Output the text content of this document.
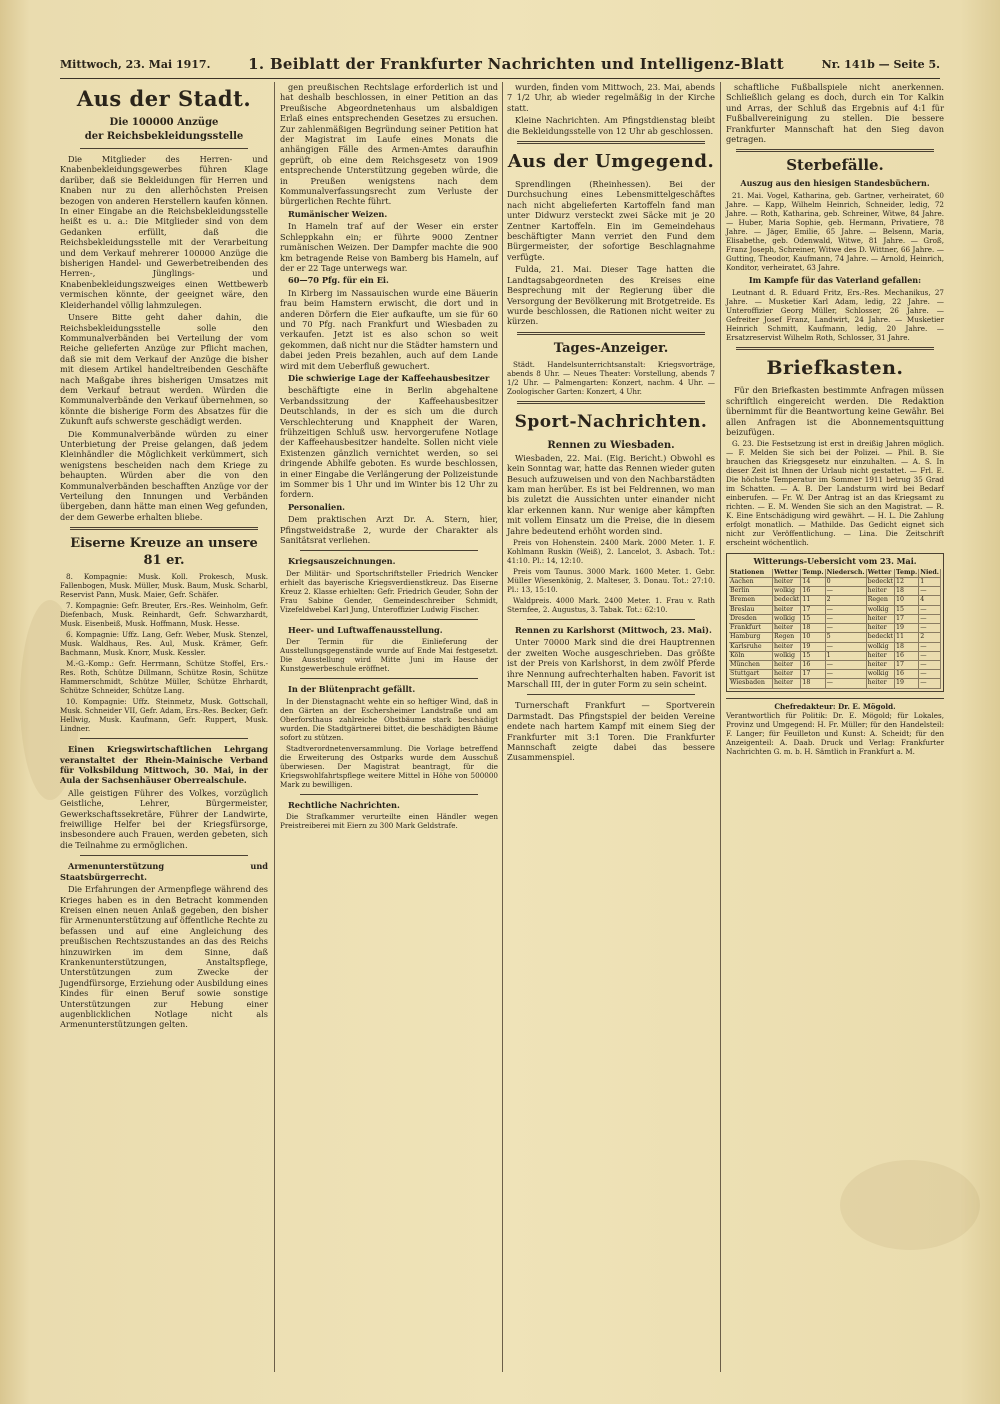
Mittwoch, 23. Mai 1917.	1. Beiblatt der Frankfurter Nachrichten und Intelligenz-Blatt	Nr. 141b — Seite 5.
Aus der Stadt.
Die 100000 Anzüge
der Reichsbekleidungsstelle

Die Mitglieder des Herren- und Knabenbekleidungsgewerbes führen Klage darüber, daß sie Bekleidungen für Herren und Knaben nur zu den allerhöchsten Preisen bezogen von anderen Herstellern kaufen können. In einer Eingabe an die Reichsbekleidungsstelle heißt es u. a.: Die Mitglieder sind von dem Gedanken erfüllt, daß die Reichsbekleidungsstelle mit der Verarbeitung und dem Verkauf mehrerer 100000 Anzüge die bisherigen Handel- und Gewerbetreibenden des Herren-, Jünglings- und Knabenbekleidungszweiges einen Wettbewerb vermischen könnte, der geeignet wäre, den Kleiderhandel völlig lahmzulegen.

Unsere Bitte geht daher dahin, die Reichsbekleidungsstelle solle den Kommunalverbänden bei Verteilung der vom Reiche gelieferten Anzüge zur Pflicht machen, daß sie mit dem Verkauf der Anzüge die bisher mit diesem Artikel handeltreibenden Geschäfte nach Maßgabe ihres bisherigen Umsatzes mit dem Verkauf betraut werden. Würden die Kommunalverbände den Verkauf übernehmen, so könnte die bisherige Form des Absatzes für die Zukunft aufs schwerste geschädigt werden.

Die Kommunalverbände würden zu einer Unterbietung der Preise gelangen, daß jedem Kleinhändler die Möglichkeit verkümmert, sich wenigstens bescheiden nach dem Kriege zu behaupten. Würden aber die von den Kommunalverbänden beschafften Anzüge vor der Verteilung den Innungen und Verbänden übergeben, dann hätte man einen Weg gefunden, der dem Gewerbe erhalten bliebe.

Eiserne Kreuze an unsere 81 er.

8. Kompagnie: Musk. Koll. Prokesch, Musk. Fallenbogen, Musk. Müller, Musk. Baum, Musk. Scharbl, Reservist Pann, Musk. Maier, Gefr. Schäfer.

7. Kompagnie: Gefr. Breuter, Ers.-Res. Weinholm, Gefr. Diefenbach, Musk. Reinhardt, Gefr. Schwarzhardt, Musk. Eisenbeiß, Musk. Hoffmann, Musk. Hesse.

6. Kompagnie: Uffz. Lang, Gefr. Weber, Musk. Stenzel, Musk. Waldhaus, Res. Aul, Musk. Krämer, Gefr. Bachmann, Musk. Knorr, Musk. Kessler.

M.-G.-Komp.: Gefr. Herrmann, Schütze Stoffel, Ers.-Res. Roth, Schütze Dillmann, Schütze Rosin, Schütze Hammerschmidt, Schütze Müller, Schütze Ehrhardt, Schütze Schneider, Schütze Lang.

10. Kompagnie: Uffz. Steinmetz, Musk. Gottschall, Musk. Schneider VII, Gefr. Adam, Ers.-Res. Becker, Gefr. Hellwig, Musk. Kaufmann, Gefr. Ruppert, Musk. Lindner.

Einen Kriegswirtschaftlichen Lehrgang veranstaltet der Rhein-Mainische Verband für Volksbildung Mittwoch, 30. Mai, in der Aula der Sachsenhäuser Oberrealschule.

Alle geistigen Führer des Volkes, vorzüglich Geistliche, Lehrer, Bürgermeister, Gewerkschaftssekretäre, Führer der Landwirte, freiwillige Helfer bei der Kriegsfürsorge, insbesondere auch Frauen, werden gebeten, sich die Teilnahme zu ermöglichen.

Armenunterstützung und Staatsbürgerrecht.

Die Erfahrungen der Armenpflege während des Krieges haben es in den Betracht kommenden Kreisen einen neuen Anlaß gegeben, den bisher für Armenunterstützung auf öffentliche Rechte zu befassen und auf eine Angleichung des preußischen Rechtszustandes an das des Reichs hinzuwirken im dem Sinne, daß Krankenunterstützungen, Anstaltspflege, Unterstützungen zum Zwecke der Jugendfürsorge, Erziehung oder Ausbildung eines Kindes für einen Beruf sowie sonstige Unterstützungen zur Hebung einer augenblicklichen Notlage nicht als Armenunterstützungen gelten.

gen preußischen Rechtslage erforderlich ist und hat deshalb beschlossen, in einer Petition an das Preußische Abgeordnetenhaus um alsbaldigen Erlaß eines entsprechenden Gesetzes zu ersuchen. Zur zahlenmäßigen Begründung seiner Petition hat der Magistrat im Laufe eines Monats die anhängigen Fälle des Armen-Amtes daraufhin geprüft, ob eine dem Reichsgesetz von 1909 entsprechende Unterstützung gegeben würde, die in Preußen wenigstens nach dem Kommunalverfassungsrecht zum Verluste der bürgerlichen Rechte führt.

Rumänischer Weizen.

In Hameln traf auf der Weser ein erster Schleppkahn ein; er führte 9000 Zentner rumänischen Weizen. Der Dampfer machte die 900 km betragende Reise von Bamberg bis Hameln, auf der er 22 Tage unterwegs war.

60—70 Pfg. für ein Ei.

In Kirberg im Nassauischen wurde eine Bäuerin frau beim Hamstern erwischt, die dort und in anderen Dörfern die Eier aufkaufte, um sie für 60 und 70 Pfg. nach Frankfurt und Wiesbaden zu verkaufen. Jetzt ist es also schon so weit gekommen, daß nicht nur die Städter hamstern und dabei jeden Preis bezahlen, auch auf dem Lande wird mit dem Ueberfluß gewuchert.

Die schwierige Lage der Kaffeehausbesitzer

beschäftigte eine in Berlin abgehaltene Verbandssitzung der Kaffeehausbesitzer Deutschlands, in der es sich um die durch Verschlechterung und Knappheit der Waren, frühzeitigen Schluß usw. hervorgerufene Notlage der Kaffeehausbesitzer handelte. Sollen nicht viele Existenzen gänzlich vernichtet werden, so sei dringende Abhilfe geboten. Es wurde beschlossen, in einer Eingabe die Verlängerung der Polizeistunde im Sommer bis 1 Uhr und im Winter bis 12 Uhr zu fordern.

Personalien.

Dem praktischen Arzt Dr. A. Stern, hier, Pfingstweidstraße 2, wurde der Charakter als Sanitätsrat verliehen.

Kriegsauszeichnungen.

Der Militär- und Sportschriftsteller Friedrich Wencker erhielt das bayerische Kriegsverdienstkreuz. Das Eiserne Kreuz 2. Klasse erhielten: Gefr. Friedrich Geuder, Sohn der Frau Sabine Gender, Gemeindeschreiber Schmidt, Vizefeldwebel Karl Jung, Unteroffizier Ludwig Fischer.

Heer- und Luftwaffenausstellung.

Der Termin für die Einlieferung der Ausstellungsgegenstände wurde auf Ende Mai festgesetzt. Die Ausstellung wird Mitte Juni im Hause der Kunstgewerbeschule eröffnet.

In der Blütenpracht gefällt.

In der Dienstagnacht wehte ein so heftiger Wind, daß in den Gärten an der Eschersheimer Landstraße und am Oberforsthaus zahlreiche Obstbäume stark beschädigt wurden. Die Stadtgärtnerei bittet, die beschädigten Bäume sofort zu stützen.

Stadtverordnetenversammlung. Die Vorlage betreffend die Erweiterung des Ostparks wurde dem Ausschuß überwiesen. Der Magistrat beantragt, für die Kriegswohlfahrtspflege weitere Mittel in Höhe von 500000 Mark zu bewilligen.

Rechtliche Nachrichten.

Die Strafkammer verurteilte einen Händler wegen Preistreiberei mit Eiern zu 300 Mark Geldstrafe.

wurden, finden vom Mittwoch, 23. Mai, abends 7 1/2 Uhr, ab wieder regelmäßig in der Kirche statt.

Kleine Nachrichten. Am Pfingstdienstag bleibt die Bekleidungsstelle von 12 Uhr ab geschlossen.

Aus der Umgegend.

Sprendlingen (Rheinhessen). Bei der Durchsuchung eines Lebensmittelgeschäftes nach nicht abgelieferten Kartoffeln fand man unter Didwurz versteckt zwei Säcke mit je 20 Zentner Kartoffeln. Ein im Gemeindehaus beschäftigter Mann verriet den Fund dem Bürgermeister, der sofortige Beschlagnahme verfügte.

Fulda, 21. Mai. Dieser Tage hatten die Landtagsabgeordneten des Kreises eine Besprechung mit der Regierung über die Versorgung der Bevölkerung mit Brotgetreide. Es wurde beschlossen, die Rationen nicht weiter zu kürzen.

Tages-Anzeiger.

Städt. Handelsunterrichtsanstalt: Kriegsvorträge, abends 8 Uhr. — Neues Theater: Vorstellung, abends 7 1/2 Uhr. — Palmengarten: Konzert, nachm. 4 Uhr. — Zoologischer Garten: Konzert, 4 Uhr.

Sport-Nachrichten.
Rennen zu Wiesbaden.

Wiesbaden, 22. Mai. (Eig. Bericht.) Obwohl es kein Sonntag war, hatte das Rennen wieder guten Besuch aufzuweisen und von den Nachbarstädten kam man herüber. Es ist bei Feldrennen, wo man bis zuletzt die Aussichten unter einander nicht klar erkennen kann. Nur wenige aber kämpften mit vollem Einsatz um die Preise, die in diesem Jahre bedeutend erhöht worden sind.

Preis von Hohenstein. 2400 Mark. 2000 Meter. 1. F. Kohlmann Ruskin (Weiß), 2. Lancelot, 3. Asbach. Tot.: 41:10. Pl.: 14, 12:10.

Preis vom Taunus. 3000 Mark. 1600 Meter. 1. Gebr. Müller Wiesenkönig, 2. Malteser, 3. Donau. Tot.: 27:10. Pl.: 13, 15:10.

Waldpreis. 4000 Mark. 2400 Meter. 1. Frau v. Rath Sternfee, 2. Augustus, 3. Tabak. Tot.: 62:10.

Rennen zu Karlshorst (Mittwoch, 23. Mai).

Unter 70000 Mark sind die drei Hauptrennen der zweiten Woche ausgeschrieben. Das größte ist der Preis von Karlshorst, in dem zwölf Pferde ihre Nennung aufrechterhalten haben. Favorit ist Marschall III, der in guter Form zu sein scheint.

Turnerschaft Frankfurt — Sportverein Darmstadt. Das Pfingstspiel der beiden Vereine endete nach hartem Kampf mit einem Sieg der Frankfurter mit 3:1 Toren. Die Frankfurter Mannschaft zeigte dabei das bessere Zusammenspiel.

schaftliche Fußballspiele nicht anerkennen. Schließlich gelang es doch, durch ein Tor Kalkin und Arras, der Schluß das Ergebnis auf 4:1 für Fußballvereinigung zu stellen. Die bessere Frankfurter Mannschaft hat den Sieg davon getragen.

Sterbefälle.
Auszug aus den hiesigen Standesbüchern.

21. Mai. Vogel, Katharina, geb. Gartner, verheiratet, 60 Jahre. — Kapp, Wilhelm Heinrich, Schneider, ledig, 72 Jahre. — Roth, Katharina, geb. Schreiner, Witwe, 84 Jahre. — Huber, Maria Sophie, geb. Hermann, Privatiere, 78 Jahre. — Jäger, Emilie, 65 Jahre. — Belsenn, Maria, Elisabethe, geb. Odenwald, Witwe, 81 Jahre. — Groß, Franz Joseph, Schreiner, Witwe des D. Wittner, 66 Jahre. — Gutting, Theodor, Kaufmann, 74 Jahre. — Arnold, Heinrich, Konditor, verheiratet, 63 Jahre.

Im Kampfe für das Vaterland gefallen:

Leutnant d. R. Eduard Fritz, Ers.-Res. Mechanikus, 27 Jahre. — Musketier Karl Adam, ledig, 22 Jahre. — Unteroffizier Georg Müller, Schlosser, 26 Jahre. — Gefreiter Josef Franz, Landwirt, 24 Jahre. — Musketier Heinrich Schmitt, Kaufmann, ledig, 20 Jahre. — Ersatzreservist Wilhelm Roth, Schlosser, 31 Jahre.

Briefkasten.

Für den Briefkasten bestimmte Anfragen müssen schriftlich eingereicht werden. Die Redaktion übernimmt für die Beantwortung keine Gewähr. Bei allen Anfragen ist die Abonnementsquittung beizufügen.

G. 23. Die Festsetzung ist erst in dreißig Jahren möglich. — F. Melden Sie sich bei der Polizei. — Phil. B. Sie brauchen das Kriegsgesetz nur einzuhalten. — A. S. In dieser Zeit ist Ihnen der Urlaub nicht gestattet. — Frl. E. Die höchste Temperatur im Sommer 1911 betrug 35 Grad im Schatten. — A. B. Der Landsturm wird bei Bedarf einberufen. — Fr. W. Der Antrag ist an das Kriegsamt zu richten. — E. M. Wenden Sie sich an den Magistrat. — R. K. Eine Entschädigung wird gewährt. — H. L. Die Zahlung erfolgt monatlich. — Mathilde. Das Gedicht eignet sich nicht zur Veröffentlichung. — Lina. Die Zeitschrift erscheint wöchentlich.

Witterungs-Uebersicht vom 23. Mai.
Stationen	Wetter Temp. Niedersch. Wetter Temp. Nied.
Aachen	heiter	14	0	bedeckt 12	1
Berlin	wolkig	16	—	heiter	18	—
Bremen	bedeckt 11	2	Regen	10	4
Breslau	heiter	17	—	wolkig	15	—
Dresden	wolkig	15	—	heiter	17	—
Frankfurt	heiter	18	—	heiter	19	—
Hamburg	Regen	10	5	bedeckt 11	2
Karlsruhe	heiter	19	—	wolkig	18	—
Köln	wolkig	15	1	heiter	16	—
München	heiter	16	—	heiter	17	—
Stuttgart	heiter	17	—	wolkig	16	—
Wiesbaden	heiter	18	—	heiter	19	—
Chefredakteur: Dr. E. Mögold.
Verantwortlich für Politik: Dr. E. Mögold; für Lokales, Provinz und Umgegend: H. Fr. Müller; für den Handelsteil: F. Langer; für Feuilleton und Kunst: A. Scheidt; für den Anzeigenteil: A. Daab. Druck und Verlag: Frankfurter Nachrichten G. m. b. H. Sämtlich in Frankfurt a. M.
